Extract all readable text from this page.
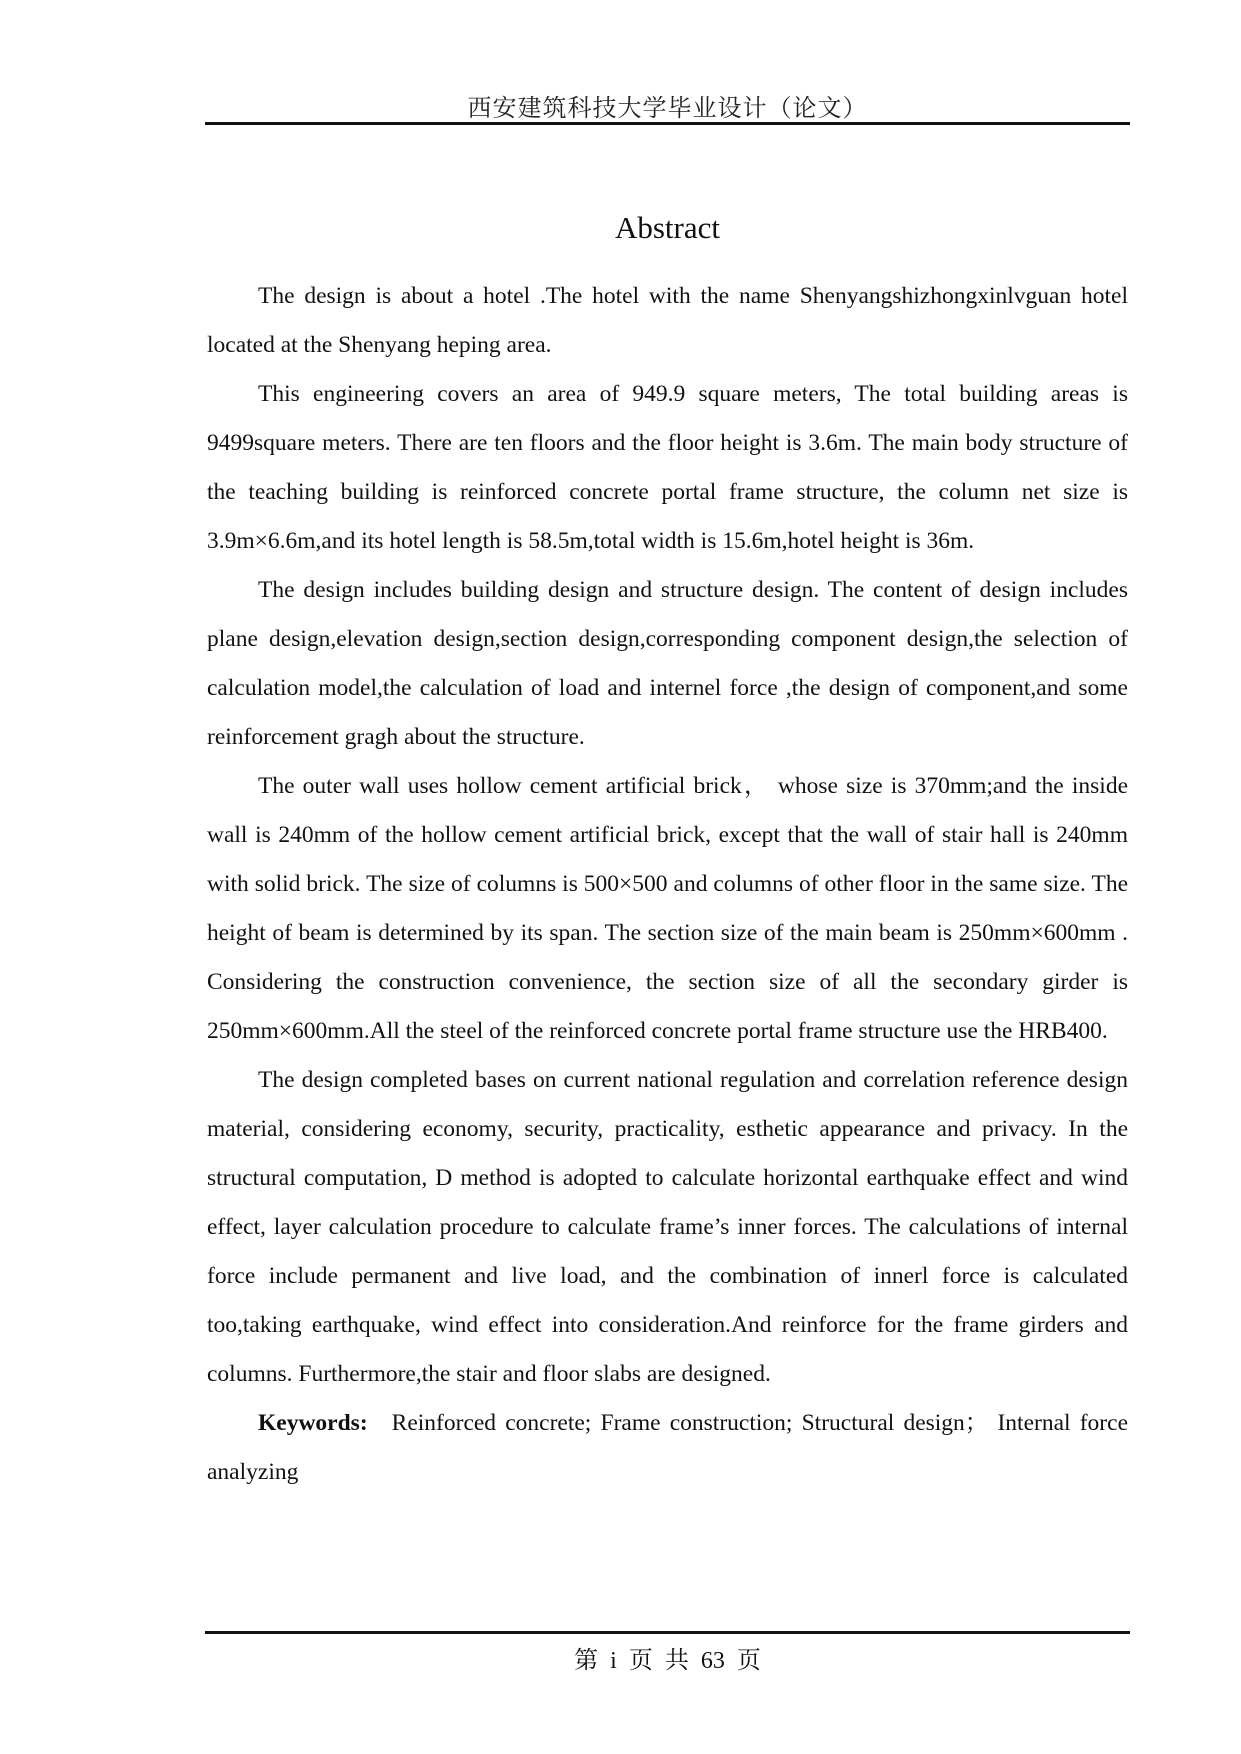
西安建筑科技大学毕业设计（论文）
Abstract

The design is about a hotel .The hotel with the name Shenyangshizhongxinlvguan hotel located at the Shenyang heping area.

This engineering covers an area of 949.9 square meters, The total building areas is 9499square meters. There are ten floors and the floor height is 3.6m. The main body structure of the teaching building is reinforced concrete portal frame structure, the column net size is 3.9m×6.6m,and its hotel length is 58.5m,total width is 15.6m,hotel height is 36m.

The design includes building design and structure design. The content of design includes plane design,elevation design,section design,corresponding component design,the selection of calculation model,the calculation of load and internel force ,the design of component,and some reinforcement gragh about the structure.

The outer wall uses hollow cement artificial brick， whose size is 370mm;and the inside wall is 240mm of the hollow cement artificial brick, except that the wall of stair hall is 240mm with solid brick. The size of columns is 500×500 and columns of other floor in the same size. The height of beam is determined by its span. The section size of the main beam is 250mm×600mm . Considering the construction convenience, the section size of all the secondary girder is 250mm×600mm.All the steel of the reinforced concrete portal frame structure use the HRB400.

The design completed bases on current national regulation and correlation reference design material, considering economy, security, practicality, esthetic appearance and privacy. In the structural computation, D method is adopted to calculate horizontal earthquake effect and wind effect, layer calculation procedure to calculate frame’s inner forces. The calculations of internal force include permanent and live load, and the combination of innerl force is calculated too,taking earthquake, wind effect into consideration.And reinforce for the frame girders and columns. Furthermore,the stair and floor slabs are designed.

Keywords: Reinforced concrete; Frame construction; Structural design； Internal force analyzing

第 i 页 共 63 页
